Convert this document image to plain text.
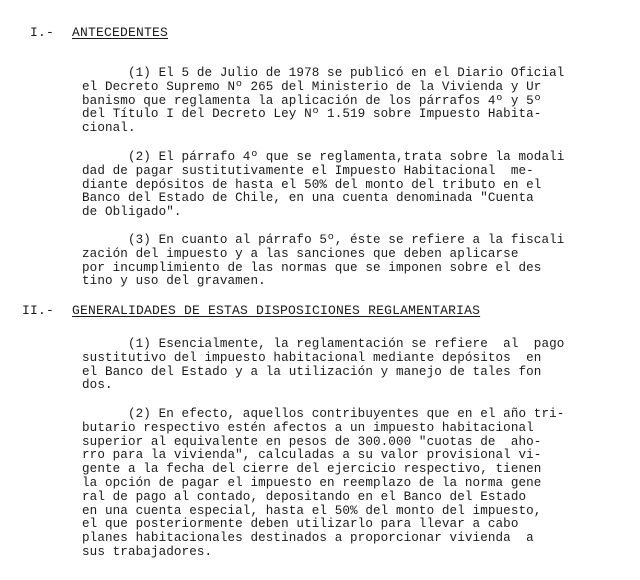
I.- ANTECEDENTES
(1) El 5 de Julio de 1978 se publicó en el Diario Oficial
el Decreto Supremo Nº 265 del Ministerio de la Vivienda y Ur
banismo que reglamenta la aplicación de los párrafos 4º y 5º
del Título I del Decreto Ley Nº 1.519 sobre Impuesto Habita-
cional.
(2) El párrafo 4º que se reglamenta,trata sobre la modali
dad de pagar sustitutivamente el Impuesto Habitacional  me-
diante depósitos de hasta el 50% del monto del tributo en el
Banco del Estado de Chile, en una cuenta denominada "Cuenta
de Obligado".
(3) En cuanto al párrafo 5º, éste se refiere a la fiscali
zación del impuesto y a las sanciones que deben aplicarse
por incumplimiento de las normas que se imponen sobre el des
tino y uso del gravamen.
II.- GENERALIDADES DE ESTAS DISPOSICIONES REGLAMENTARIAS
(1) Esencialmente, la reglamentación se refiere  al  pago
sustitutivo del impuesto habitacional mediante depósitos  en
el Banco del Estado y a la utilización y manejo de tales fon
dos.
(2) En efecto, aquellos contribuyentes que en el año tri-
butario respectivo estén afectos a un impuesto habitacional
superior al equivalente en pesos de 300.000 "cuotas de  aho-
rro para la vivienda", calculadas a su valor provisional vi-
gente a la fecha del cierre del ejercicio respectivo, tienen
la opción de pagar el impuesto en reemplazo de la norma gene
ral de pago al contado, depositando en el Banco del Estado
en una cuenta especial, hasta el 50% del monto del impuesto,
el que posteriormente deben utilizarlo para llevar a cabo
planes habitacionales destinados a proporcionar vivienda  a
sus trabajadores.
